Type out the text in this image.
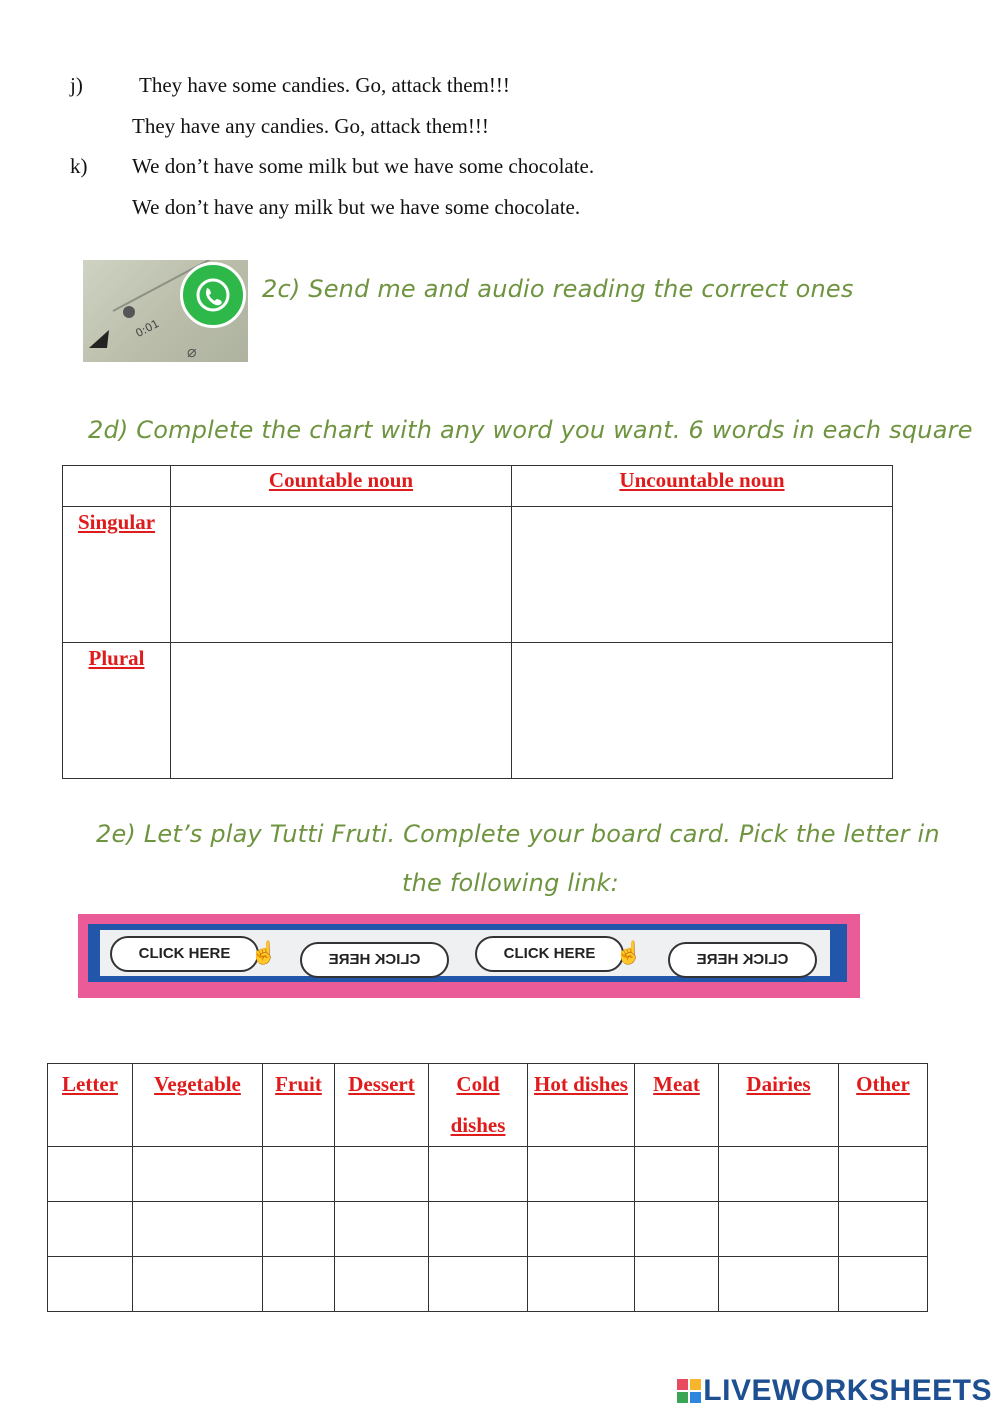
j)	They have some candies. Go, attack them!!!
They have any candies. Go, attack them!!!
k) We don’t have some milk but we have some chocolate.
We don’t have any milk but we have some chocolate.
0:01
⌀
2c) Send me and audio reading the correct ones
2d) Complete the chart with any word you want. 6 words in each square
	Countable noun	Uncountable noun
Singular		
Plural		
2e) Let’s play Tutti Fruti. Complete your board card. Pick the letter in
the following link:
CLICK HERE ☝	CLICK HERE	CLICK HERE ☝	CLICK HERE
Letter	Vegetable	Fruit	Dessert	Cold dishes	Hot dishes	Meat	Dairies	Other

LIVEWORKSHEETS
